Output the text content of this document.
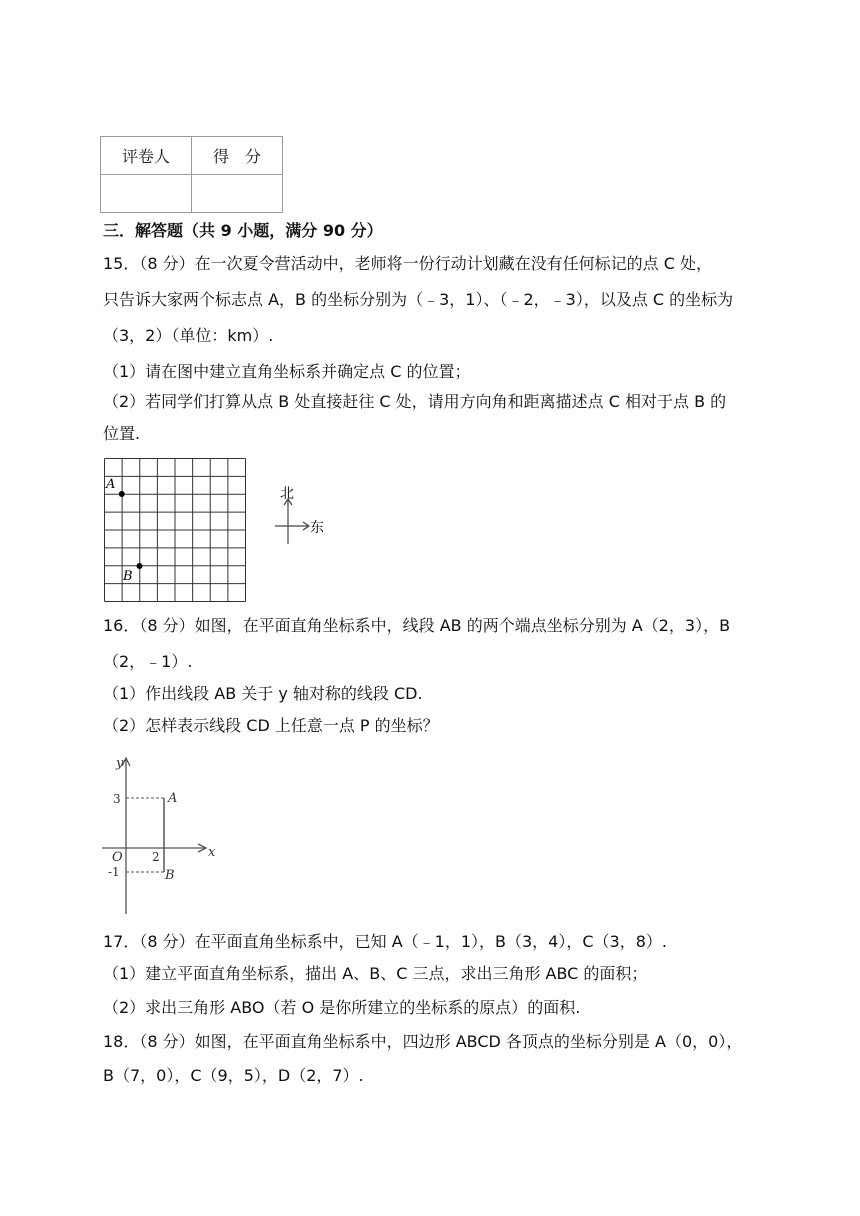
评卷人	得　分

三．解答题（共 9 小题，满分 90 分）
15．（8 分）在一次夏令营活动中，老师将一份行动计划藏在没有任何标记的点 C 处，
只告诉大家两个标志点 A，B 的坐标分别为（﹣3，1）、（﹣2，﹣3），以及点 C 的坐标为
（3，2）（单位：km）.
（1）请在图中建立直角坐标系并确定点 C 的位置；
（2）若同学们打算从点 B 处直接赶往 C 处，请用方向角和距离描述点 C 相对于点 B 的
位置.
A
B
北
东
16．（8 分）如图，在平面直角坐标系中，线段 AB 的两个端点坐标分别为 A（2，3），B
（2，﹣1）.
（1）作出线段 AB 关于 y 轴对称的线段 CD.
（2）怎样表示线段 CD 上任意一点 P 的坐标？
y
x
O
3
2
-1
A
B
17．（8 分）在平面直角坐标系中，已知 A（﹣1，1），B（3，4），C（3，8）.
（1）建立平面直角坐标系，描出 A、B、C 三点，求出三角形 ABC 的面积；
（2）求出三角形 ABO（若 O 是你所建立的坐标系的原点）的面积.
18．（8 分）如图，在平面直角坐标系中，四边形 ABCD 各顶点的坐标分别是 A（0，0），
B（7，0），C（9，5），D（2，7）.
